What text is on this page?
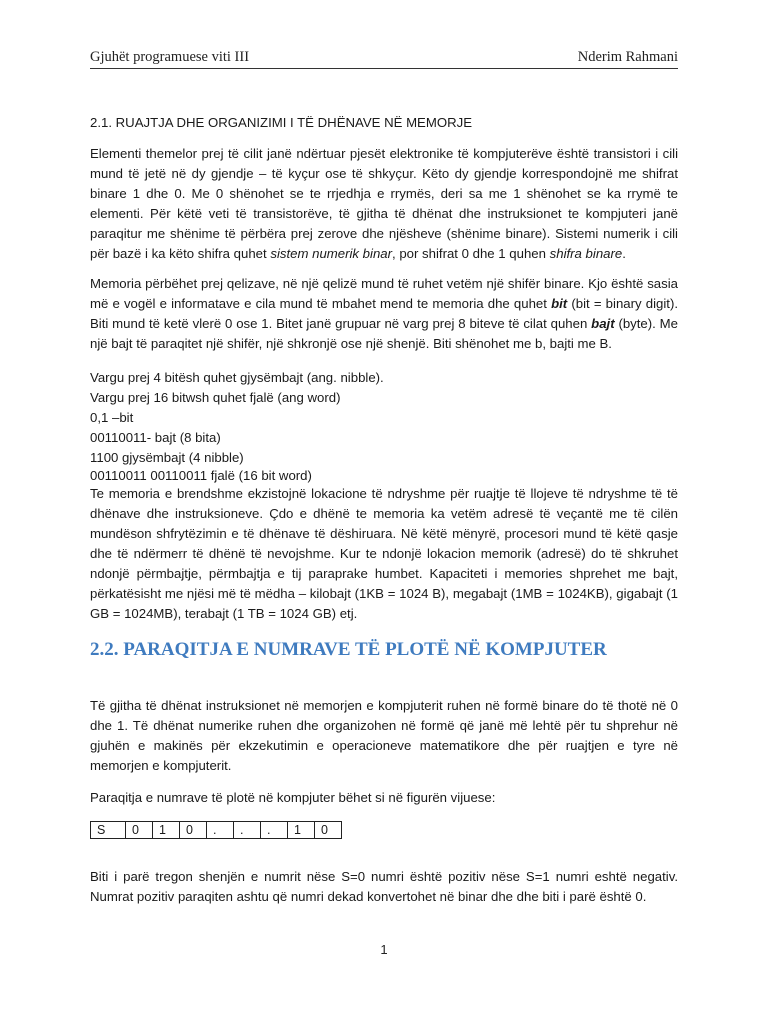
Gjuhët programuese viti III	Nderim Rahmani

2.1. RUAJTJA DHE ORGANIZIMI I TË DHËNAVE NË MEMORJE

Elementi themelor prej të cilit janë ndërtuar pjesët elektronike të kompjuterëve është transistori i cili mund të jetë në dy gjendje – të kyçur ose të shkyçur. Këto dy gjendje korrespondojnë me shifrat binare 1 dhe 0. Me 0 shënohet se te rrjedhja e rrymës, deri sa me 1 shënohet se ka rrymë te elementi. Për këtë veti të transistorëve, të gjitha të dhënat dhe instruksionet te kompjuteri janë paraqitur me shënime të përbëra prej zerove dhe njësheve (shënime binare). Sistemi numerik i cili për bazë i ka këto shifra quhet sistem numerik binar, por shifrat 0 dhe 1 quhen shifra binare.

Memoria përbëhet prej qelizave, në një qelizë mund të ruhet vetëm një shifër binare. Kjo është sasia më e vogël e informatave e cila mund të mbahet mend te memoria dhe quhet bit (bit = binary digit). Biti mund të ketë vlerë 0 ose 1. Bitet janë grupuar në varg prej 8 biteve të cilat quhen bajt (byte). Me një bajt të paraqitet një shifër, një shkronjë ose një shenjë. Biti shënohet me b, bajti me B.

Vargu prej 4 bitësh quhet gjysëmbajt (ang. nibble).
Vargu prej 16 bitwsh quhet fjalë (ang word)
0,1 –bit
00110011- bajt (8 bita)
1100 gjysëmbajt (4 nibble)
00110011 00110011 fjalë (16 bit word)

Te memoria e brendshme ekzistojnë lokacione të ndryshme për ruajtje të llojeve të ndryshme të të dhënave dhe instruksioneve. Çdo e dhënë te memoria ka vetëm adresë të veçantë me të cilën mundëson shfrytëzimin e të dhënave të dëshiruara. Në këtë mënyrë, procesori mund të këtë qasje dhe të ndërmerr të dhënë të nevojshme. Kur te ndonjë lokacion memorik (adresë) do të shkruhet ndonjë përmbajtje, përmbajtja e tij paraprake humbet. Kapaciteti i memories shprehet me bajt, përkatësisht me njësi më të mëdha – kilobajt (1KB = 1024 B), megabajt (1MB = 1024KB), gigabajt (1 GB = 1024MB), terabajt (1 TB = 1024 GB) etj.

2.2. PARAQITJA E NUMRAVE TË PLOTË NË KOMPJUTER

Të gjitha të dhënat instruksionet në memorjen e kompjuterit ruhen në formë binare do të thotë në 0 dhe 1. Të dhënat numerike ruhen dhe organizohen në formë që janë më lehtë për tu shprehur në gjuhën e makinës për ekzekutimin e operacioneve matematikore dhe për ruajtjen e tyre në memorjen e kompjuterit.

Paraqitja e numrave të plotë në kompjuter bëhet si në figurën vijuese:

S	0	1	0	.	.	.	1	0

Biti i parë tregon shenjën e numrit nëse S=0 numri është pozitiv nëse S=1 numri eshtë negativ. Numrat pozitiv paraqiten ashtu që numri dekad konvertohet në binar dhe dhe biti i parë është 0.

1
